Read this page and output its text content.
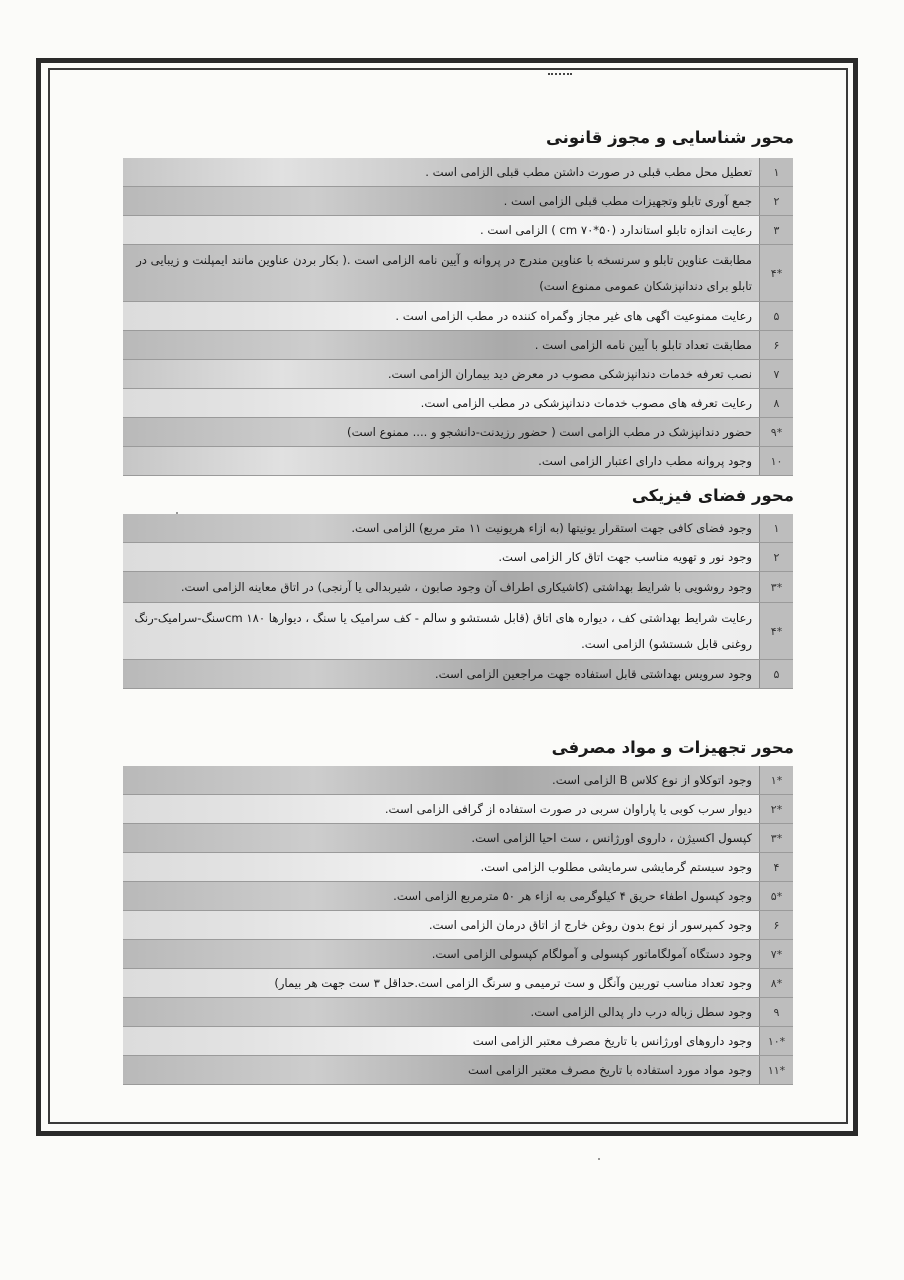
محور شناسایی و مجوز قانونی
۱
تعطیل محل مطب قبلی در صورت داشتن مطب قبلی الزامی است .
۲
جمع آوری تابلو وتجهیزات مطب قبلی الزامی است .
۳
رعایت اندازه تابلو استاندارد (cm ۷۰*۵۰ ) الزامی است .
*۴
مطابقت عناوین تابلو و سرنسخه با عناوین مندرج در پروانه و آیین نامه الزامی است .( بکار بردن عناوین مانند ایمپلنت و زیبایی در تابلو برای دندانپزشکان عمومی ممنوع است)
۵
رعایت ممنوعیت اگهی های غیر مجاز وگمراه کننده در مطب الزامی است .
۶
مطابقت تعداد تابلو با آیین نامه الزامی است .
۷
نصب تعرفه خدمات دندانپزشکی مصوب در معرض دید بیماران الزامی است.
۸
رعایت تعرفه های مصوب خدمات دندانپزشکی در مطب الزامی است.
*۹
حضور دندانپزشک در مطب الزامی است ( حضور رزیدنت-دانشجو و .... ممنوع است)
۱۰
وجود پروانه مطب دارای اعتبار الزامی است.
محور فضای فیزیکی
۱
وجود فضای کافی جهت استقرار یونیتها (به ازاء هریونیت ۱۱ متر مربع) الزامی است.
۲
وجود نور و تهویه مناسب جهت اتاق کار الزامی است.
*۳
وجود روشویی با شرایط بهداشتی (کاشیکاری اطراف آن وجود صابون ، شیربدالی یا آرنجی) در اتاق معاینه الزامی است.
*۴
رعایت شرایط بهداشتی کف ، دیواره های اتاق (قابل شستشو و سالم - کف سرامیک یا سنگ ، دیوارها ۱۸۰ cmسنگ-سرامیک-رنگ روغنی قابل شستشو) الزامی است.
۵
وجود سرویس بهداشتی قابل استفاده جهت مراجعین الزامی است.
محور تجهیزات و مواد مصرفی
*۱
وجود اتوکلاو از نوع کلاس B الزامی است.
*۲
دیوار سرب کوبی یا پاراوان سربی در صورت استفاده از گرافی الزامی است.
*۳
کپسول اکسیژن ، داروی اورژانس ، ست احیا الزامی است.
۴
وجود سیستم گرمایشی سرمایشی مطلوب الزامی است.
*۵
وجود کپسول اطفاء حریق ۴ کیلوگرمی به ازاء هر ۵۰ مترمربع الزامی است.
۶
وجود کمپرسور از نوع بدون روغن خارج از اتاق درمان الزامی است.
*۷
وجود دستگاه آمولگاماتور کپسولی و آمولگام کپسولی الزامی است.
*۸
وجود تعداد مناسب توربین وآنگل و ست ترمیمی و سرنگ الزامی است.حداقل ۳ ست جهت هر بیمار)
۹
وجود سطل زباله درب دار پدالی الزامی است.
*۱۰
وجود داروهای اورژانس با تاریخ مصرف معتبر الزامی است
*۱۱
وجود مواد مورد استفاده با تاریخ مصرف معتبر الزامی است
